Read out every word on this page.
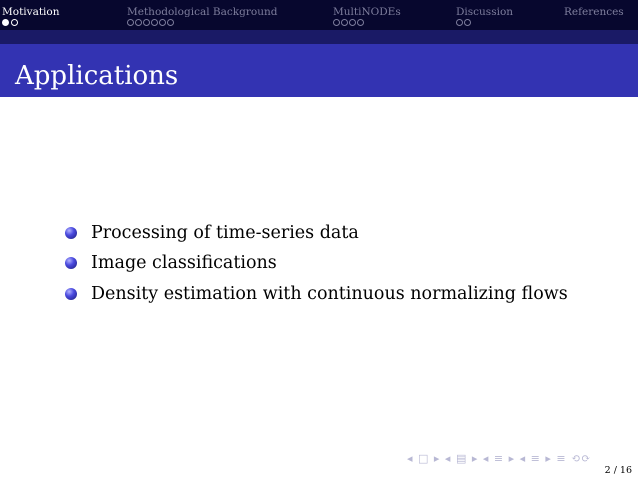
Motivation	Methodological Background	MultiNODEs	Discussion	References
Applications
Processing of time-series data
Image classifications
Density estimation with continuous normalizing flows
◂ □ ▸ ◂ ▤ ▸ ◂ ≡ ▸ ◂ ≡ ▸ ≡ ⟲⟳
2 / 16
